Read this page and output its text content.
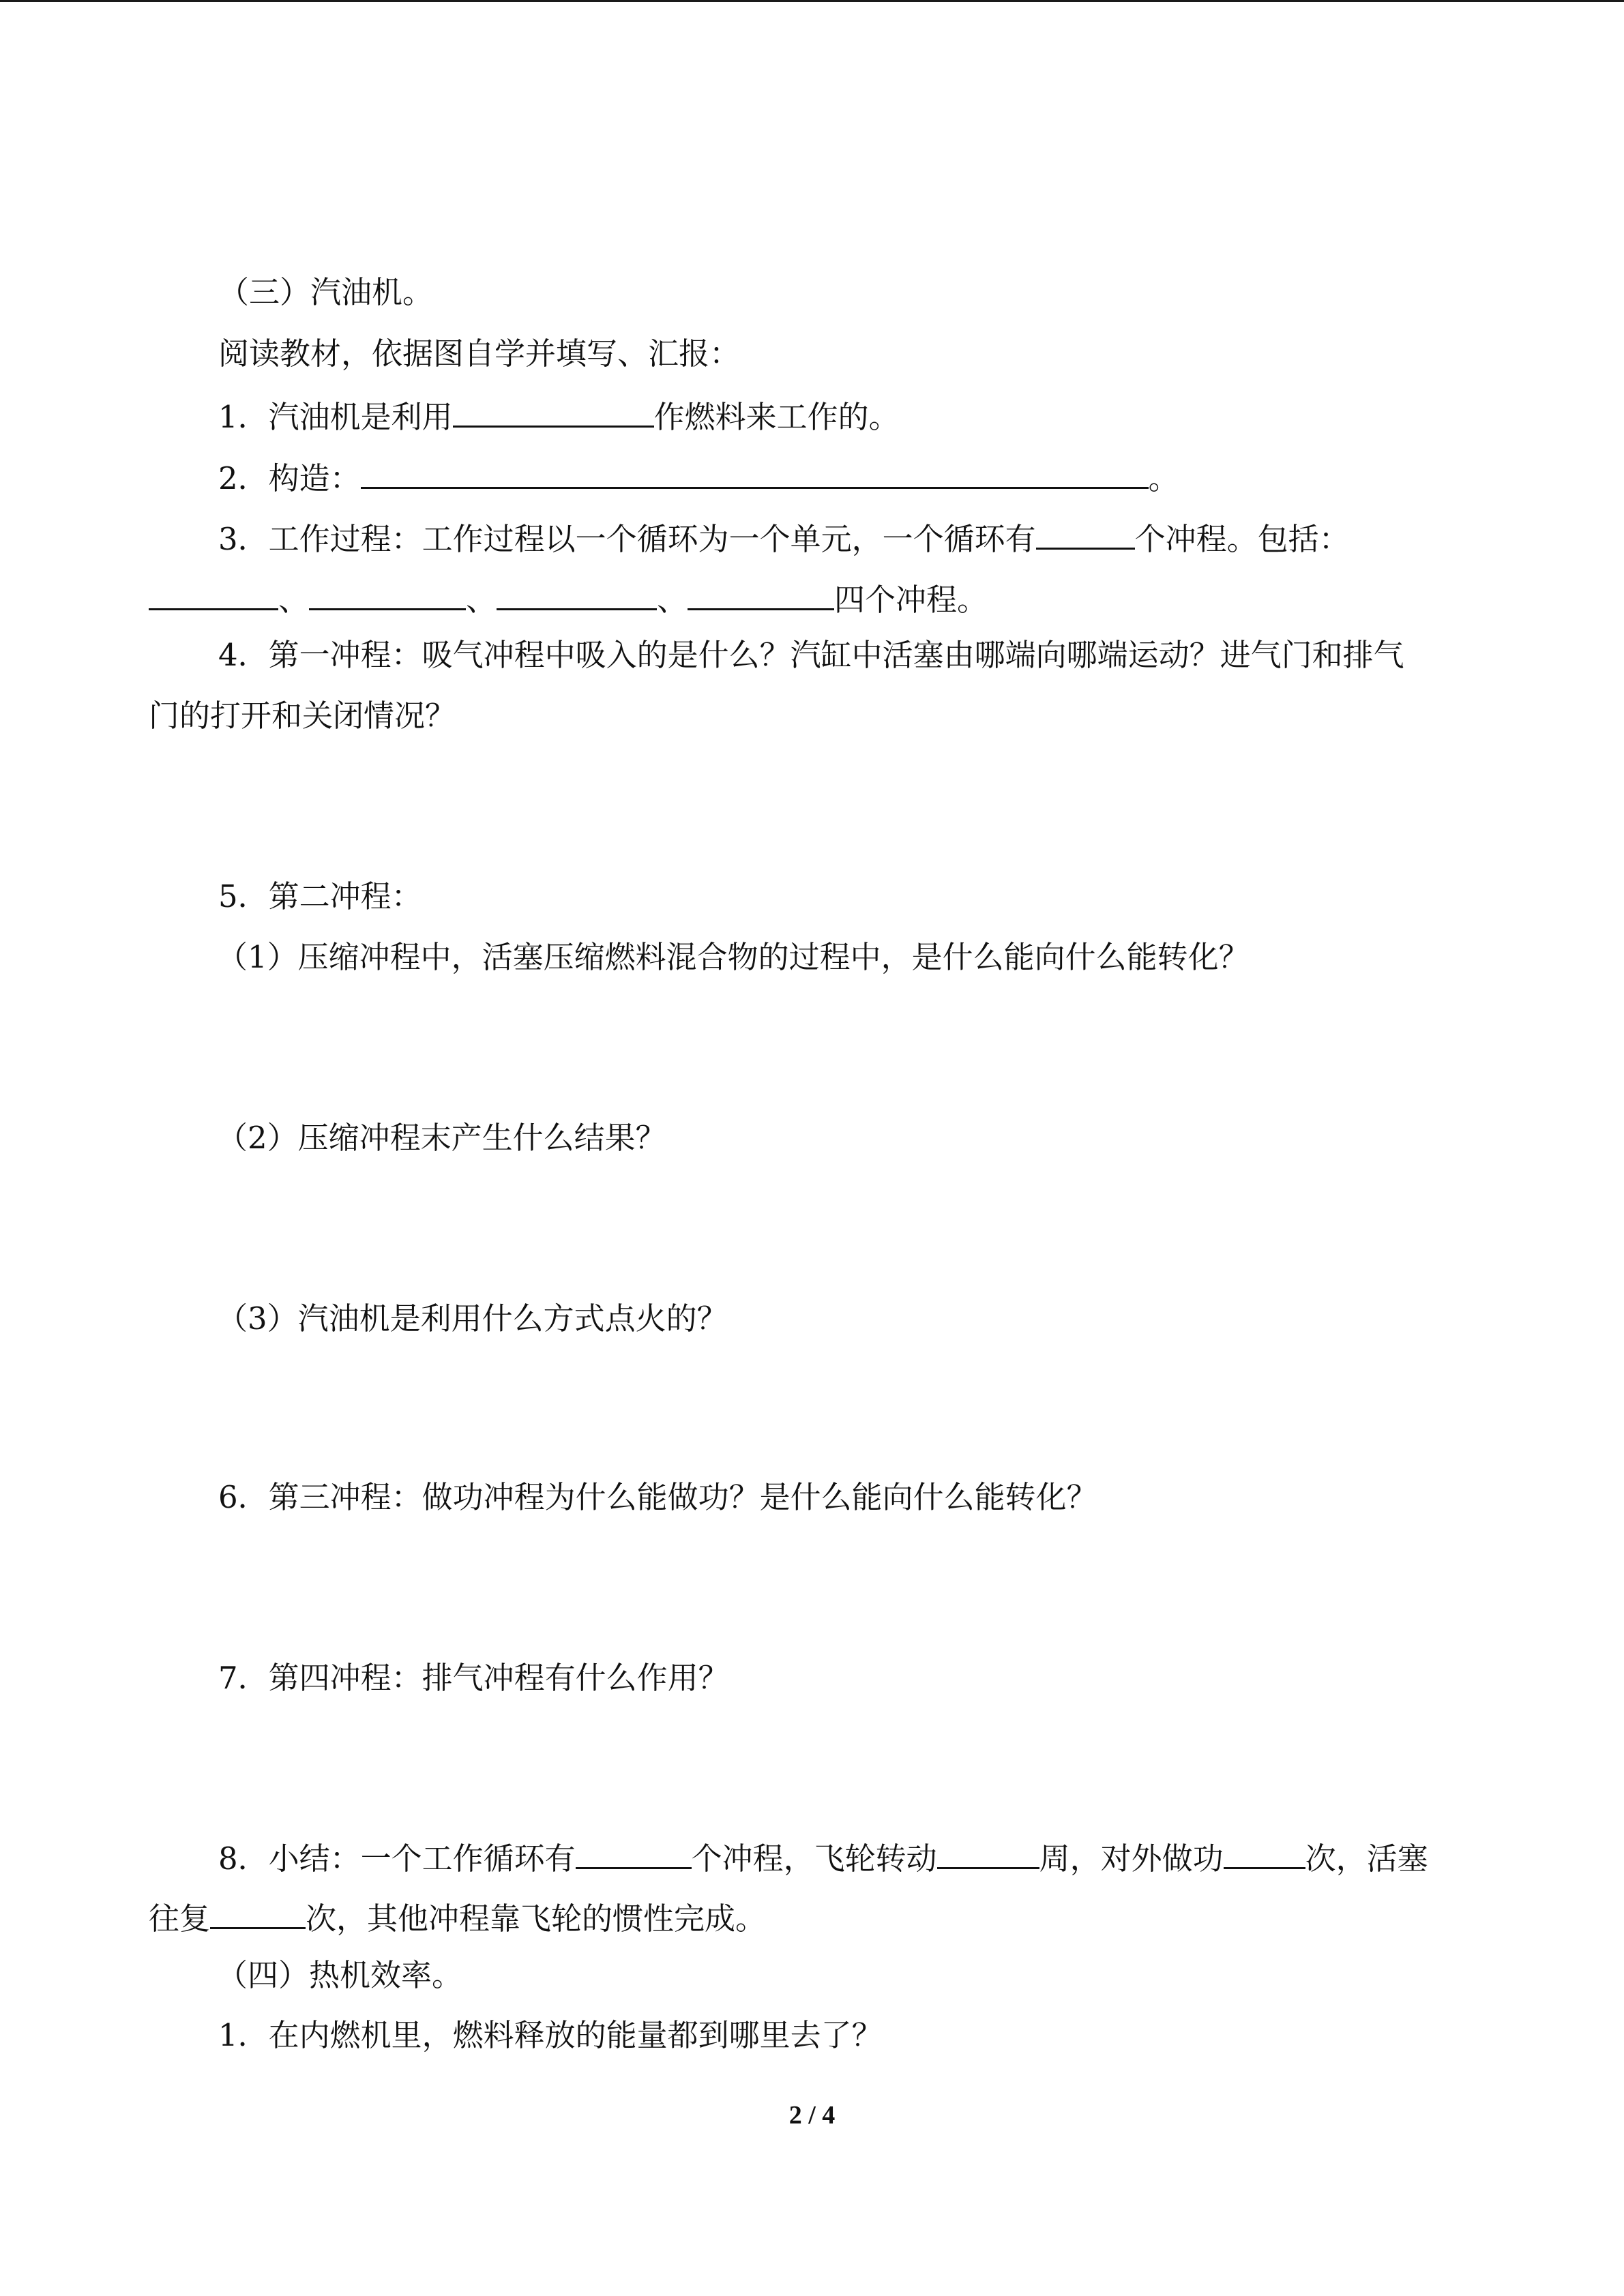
（三）汽油机。
阅读教材，依据图自学并填写、汇报：
1．汽油机是利用	作燃料来工作的。
2．构造：	。
3．工作过程：工作过程以一个循环为一个单元，一个循环有	个冲程。包括：
、	、	、	四个冲程。
4．第一冲程：吸气冲程中吸入的是什么？汽缸中活塞由哪端向哪端运动？进气门和排气
门的打开和关闭情况？
5．第二冲程：
（1）压缩冲程中，活塞压缩燃料混合物的过程中，是什么能向什么能转化？
（2）压缩冲程末产生什么结果？
（3）汽油机是利用什么方式点火的？
6．第三冲程：做功冲程为什么能做功？是什么能向什么能转化？
7．第四冲程：排气冲程有什么作用？
8．小结：一个工作循环有	个冲程，飞轮转动	周，对外做功	次，活塞
往复	次，其他冲程靠飞轮的惯性完成。
（四）热机效率。
1．在内燃机里，燃料释放的能量都到哪里去了？
2 / 4
